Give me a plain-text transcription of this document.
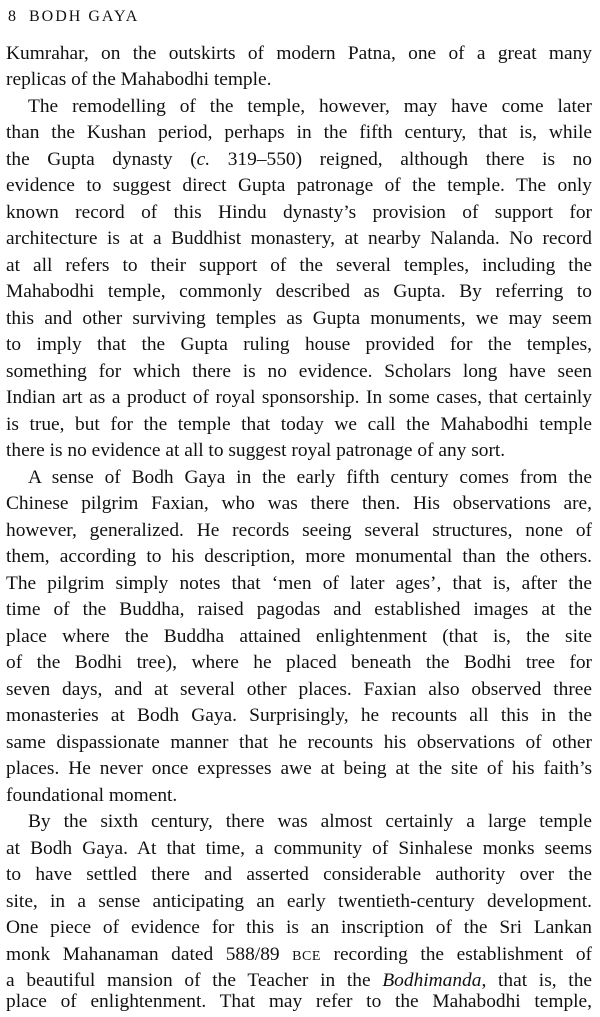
8 BODH GAYA
Kumrahar, on the outskirts of modern Patna, one of a great many
replicas of the Mahabodhi temple.
The remodelling of the temple, however, may have come later
than the Kushan period, perhaps in the fifth century, that is, while
the Gupta dynasty (c. 319–550) reigned, although there is no
evidence to suggest direct Gupta patronage of the temple. The only
known record of this Hindu dynasty’s provision of support for
architecture is at a Buddhist monastery, at nearby Nalanda. No record
at all refers to their support of the several temples, including the
Mahabodhi temple, commonly described as Gupta. By referring to
this and other surviving temples as Gupta monuments, we may seem
to imply that the Gupta ruling house provided for the temples,
something for which there is no evidence. Scholars long have seen
Indian art as a product of royal sponsorship. In some cases, that certainly
is true, but for the temple that today we call the Mahabodhi temple
there is no evidence at all to suggest royal patronage of any sort.
A sense of Bodh Gaya in the early fifth century comes from the
Chinese pilgrim Faxian, who was there then. His observations are,
however, generalized. He records seeing several structures, none of
them, according to his description, more monumental than the others.
The pilgrim simply notes that ‘men of later ages’, that is, after the
time of the Buddha, raised pagodas and established images at the
place where the Buddha attained enlightenment (that is, the site
of the Bodhi tree), where he placed beneath the Bodhi tree for
seven days, and at several other places. Faxian also observed three
monasteries at Bodh Gaya. Surprisingly, he recounts all this in the
same dispassionate manner that he recounts his observations of other
places. He never once expresses awe at being at the site of his faith’s
foundational moment.
By the sixth century, there was almost certainly a large temple
at Bodh Gaya. At that time, a community of Sinhalese monks seems
to have settled there and asserted considerable authority over the
site, in a sense anticipating an early twentieth-century development.
One piece of evidence for this is an inscription of the Sri Lankan
monk Mahanaman dated 588/89 BCE recording the establishment of
a beautiful mansion of the Teacher in the Bodhimanda, that is, the
place of enlightenment. That may refer to the Mahabodhi temple,
